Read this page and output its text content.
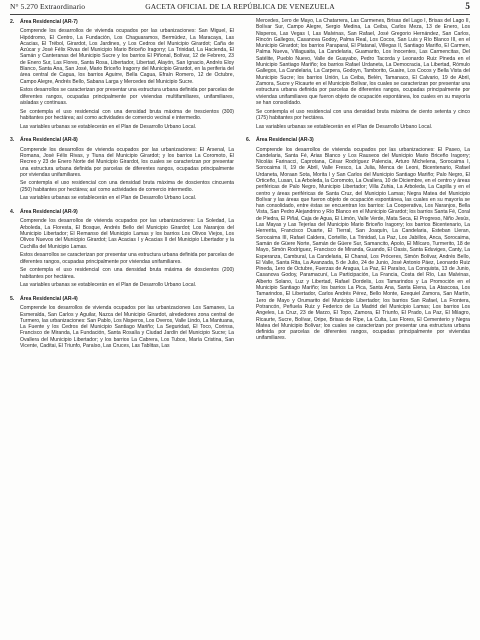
N° 5.270 Extraordinario	GACETA OFICIAL DE LA REPÚBLICA DE VENEZUELA	5
2. Área Residencial (AR-7)

Comprende los desarrollos de vivienda ocupados por las urbanizaciones: San Miguel, El Hipódromo, El Centro, La Fundación, Los Chaguaramos, Bermúdez, La Maracaya, Las Acacias, El Trébol, Girardot, Los Jardines, y Los Cedros del Municipio Girardot; Caña de Azúcar y José Félix Rivas del Municipio Mario Briceño Iragorry; La Trinidad, La Hacienda, El Samán y Canteranas del Municipio Sucre y los barrios El Piñonal, Bolívar, 12 de Febrero, 23 de Enero Sur, Las Flores, Santa Rosa, Libertador, Libertad, Alayón, San Ignacio, Andrés Eloy Blanco, Santa Ana, San José, Mario Briceño Iragorry del Municipio Girardot, en la periferia del área central de Cagua, los barrios Aguirre, Bella Cagua, Efraín Romero, 12 de Octubre, Campo Alegre, Andrés Bello, Sabana Larga y Mercedes del Municipio Sucre.

Estos desarrollos se caracterizan por presentar una estructura urbana definida por parcelas de diferentes rangos, ocupadas principalmente por viviendas multifamiliares, unifamiliares, aisladas y continuas.

Se contempla el uso residencial con una densidad bruta máxima de trescientos (300) habitantes por hectárea; así como actividades de comercio vecinal e intermedio.

Las variables urbanas se establecerán en el Plan de Desarrollo Urbano Local.

3. Área Residencial (AR-8)

Comprende los desarrollos de vivienda ocupados por las urbanizaciones: El Arsenal, La Romana, José Félix Rivas, y Tiuna del Municipio Girardot; y los barrios La Coromoto, El Recreo y 23 de Enero Norte del Municipio Girardot, los cuales se caracterizan por presentar una estructura urbana definida por parcelas de diferentes rangos, ocupadas principalmente por viviendas unifamiliares.

Se contempla el uso residencial con una densidad bruta máxima de doscientos cincuenta (250) habitantes por hectárea; así como actividades de comercio intermedio.

Las variables urbanas se establecerán en el Plan de Desarrollo Urbano Local.

4. Área Residencial (AR-9)

Comprende los desarrollos de vivienda ocupados por las urbanizaciones: La Soledad, La Arboleda, La Floresta, El Bosque, Andrés Bello del Municipio Girardot; Los Naranjos del Municipio Libertador; El Remanso del Municipio Lamas y los barrios Los Olivos Viejos, Los Olivos Nuevos del Municipio Girardot; Las Acacias I y Acacias II del Municipio Libertador y la Cuchilla del Municipio Lamas.

Estos desarrollos se caracterizan por presentar una estructura urbana definida por parcelas de diferentes rangos, ocupadas principalmente por viviendas unifamiliares.

Se contempla el uso residencial con una densidad bruta máxima de doscientos (200) habitantes por hectárea.

Las variables urbanas se establecerán en el Plan de Desarrollo Urbano Local.

5. Área Residencial (AR-4)

Comprende los desarrollos de vivienda ocupados por las urbanizaciones Los Samanes, La Esmeralda, San Carlos y Aguilar, Nazca del Municipio Girardot, alrededores zona central de Turmero, las urbanizaciones: San Pablo, Los Nisperos, Los Overos, Valle Lindo, La Mantuana, La Fuente y los Cedros del Municipio Santiago Mariño; La Seguridad, El Toco, Corinsa, Francisco de Miranda, La Fundación, Santa Rosalía y Ciudad Jardín del Municipio Sucre; La Ovallera del Municipio Libertador; y los barrios La Cabrera, Los Tubos, María Cristina, San Vicente, Caditai, El Triunfo, Paraíso, Las Cruces, Las Tablitas, Las

Mercedes, 1ero de Mayo, La Chatarrera, Las Carmenes, Brisas del Lago I, Brisas del Lago II, Bolívar Sur, Campo Alegre, Sergio Medina, La Ceiba, Carlos Meza, 13 de Enero, Los Nisperos, Las Vegas I, Las Malvinas, San Rafael, José Gregorio Hernández, San Carlos, Rincón Gallegos, Casanova Godoy, Palma Real, Los Cocos, San Luis y Río Blanco III, en el Municipio Girardot; los barrios Paraparal, El Platanal, Villegas II, Santiago Mariño, El Carmen, Palma Nueva, Villaguaita, La Candelaria, Guamarito, Los Inocentes, Las Carmencitas, Del Satélite, Pueblo Nuevo, Valle de Guayabo, Pedro Tacorda y Leonardo Ruiz Pineda en el Municipio Santiago Mariño; los barrios Rafael Urdaneta, La Democracia, La Libertad, Rómulo Gallegos, La Candelaria, La Carpera, Godoyn, Tamborito, Guaire, Los Cocos y Bella Vista del Municipio Sucre; los barrios Unión, La Ceiba, Belén, Tamanaco, El Calvario, 19 de Abril, Zamora, Sucre y Ricaurte en el Municipio Bolívar, los cuales se caracterizan por presentar una estructura urbana definida por parcelas de diferentes rangos, ocupadas principalmente por viviendas unifamiliares que fueron objeto de ocupación espontánea, los cuales en su mayoría se han consolidado.

Se contempla el uso residencial con una densidad bruta máxima de ciento setenta y cinco (175) habitantes por hectárea.

Las variables urbanas se establecerán en el Plan de Desarrollo Urbano Local.

6. Área Residencial (AR-3)

Comprende los desarrollos de vivienda ocupados por las urbanizaciones: El Paseo, La Candelaria, Santa Fé, Arias Blanco y Los Rauseos del Municipio Mario Briceño Iragorry; Nicolás Farinacci, Caprotana, César Rodríguez Palencia, Arturo Michelena, Sorocaima I, Sorocaima II, 19 de Abril, Valle Fresco, La Julia, Menca de Leoni, Bicentenario, Rafael Urdaneta, Moraan Sota, Morita I y San Carlos del Municipio Santiago Mariño; Palo Negro, El Orticeño, Lusan, La Arboleda, la Coromoto, La Ovallera, 10 de Diciembre, en el centro y áreas periféricas de Palo Negro, Municipio Libertador; Villa Zuhia, La Arboleda, La Capilla y en el centro y áreas periféricas de Santa Cruz, del Municipio Lamas; Negra Matea del Municipio Bolívar y las áreas que fueron objeto de ocupación espontánea, las cuales en su mayoría se han consolidado, entre éstas se encuentran los barrios: La Cooperativa, Los Naranjos, Bella Vista, San Pedro Alejandrino y Río Blanco en el Municipio Girardot; los barrios Santa Fé, Coral de Piedra, El Piñal, Caja de Agua, El Limón, Valle Verde, Mata Seca, El Progreso, Niño Jesús, Las Mayas y Las Tejerías del Municipio Mario Briceño Iragorry; los barrios Bicentenario, La Herrerita, Francisco Duarte, El Tierral, San Joaquín, La Candelaria, Esteban Lleran, Sorocaima III, Rafael Caldera, Cortellio, La Trinidad, La Paz, Los Jabillos, Anca, Sorocaima, Samán de Güere Norte, Samán de Güere Sur, Samancito, Apolo, El Milcaro, Turmerito, 18 de Mayo, Simón Rodríguez, Francisco de Miranda, Guando, El Oasis, Santa Eduviges, Canty, La Esperanza, Cambural, La Candelaria, El Chanal, Los Próceres, Simón Bolívar, Andrés Bello, El Valle, Santa Rita, La Avanzada, 5 de Julio, 24 de Junio, José Antonio Páez, Leonardo Ruiz Pineda, 1ero de Octubre, Fuerzas de Aragua, La Paz, El Paraíso, La Conquista, 13 de Junio, Casanova Godoy, Paramacuní, La Participación, La Francia, Costa del Río, Las Malvinas, Alberto Solano, Luz y Libertad, Rafael Dordelis, Los Tamarindos y La Promoción en el Municipio Santiago Mariño; los barrios La Pica, Santa Ana, Santa Elena, La Atascosa, Los Tamarindos, El Libertador, Carlos Andrés Pérez, Bello Monte, Ezequiel Zamora, San Martín, 1ero de Mayo y Orumarito del Municipio Libertador; los barrios San Rafael, La Frontera, Potrancón, Peñuela Ruiz y Federico de La Madrid del Municipio Lamas; Los barrios Los Angeles, La Cruz, 23 de Marzo, El Topo, Zamora, El Triunfo, El Prado, La Paz, El Milagro, Ricaurte, Sucre, Bolívar, Oripe, Brisas de Ripe, La Culta, Las Flores, El Cementerio y Negra Matea del Municipio Bolívar; los cuales se caracterizan por presentar una estructura urbana definida por parcelas de diferentes rangos, ocupadas principalmente por viviendas unifamiliares.
